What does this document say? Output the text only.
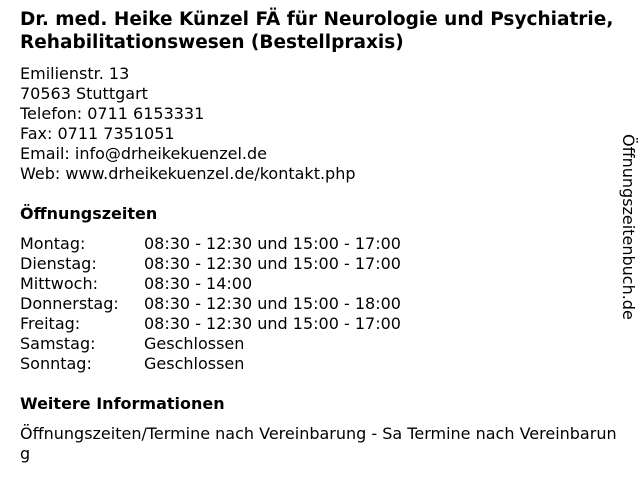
Dr. med. Heike Künzel FÄ für Neurologie und Psychiatrie, Rehabilitationswesen (Bestellpraxis)
Emilienstr. 13
70563 Stuttgart
Telefon: 0711 6153331
Fax: 0711 7351051
Email: info@drheikekuenzel.de
Web: www.drheikekuenzel.de/kontakt.php
Öffnungszeiten
Montag:	08:30 - 12:30 und 15:00 - 17:00
Dienstag:	08:30 - 12:30 und 15:00 - 17:00
Mittwoch:	08:30 - 14:00
Donnerstag:	08:30 - 12:30 und 15:00 - 18:00
Freitag:	08:30 - 12:30 und 15:00 - 17:00
Samstag:	Geschlossen
Sonntag:	Geschlossen
Weitere Informationen
Öffnungszeiten/Termine nach Vereinbarung - Sa Termine nach Vereinbarung
Öffnungszeitenbuch.de
